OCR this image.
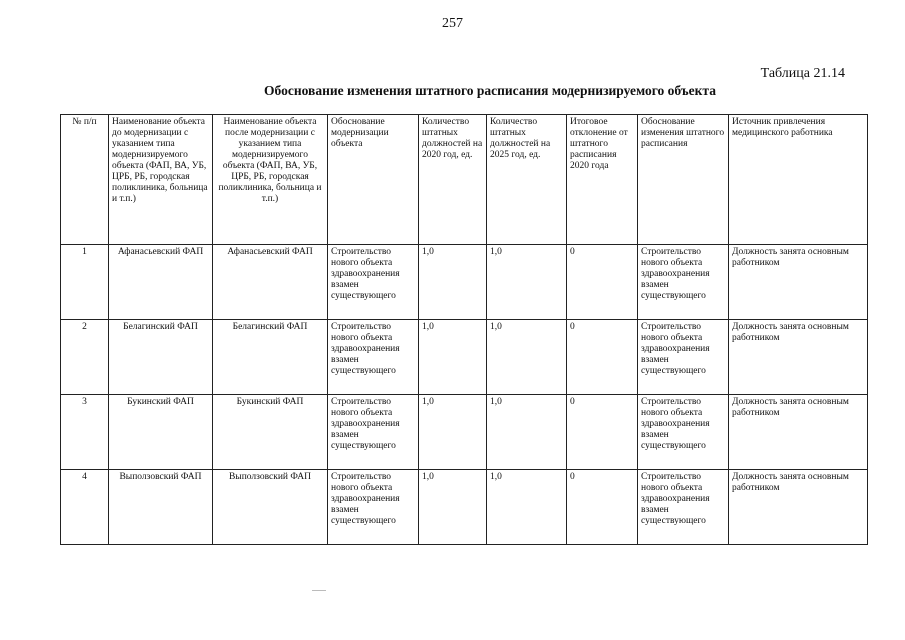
257
Таблица 21.14
Обоснование изменения штатного расписания модернизируемого объекта
№ п/п	Наименование объекта до модернизации с указанием типа модернизируемого объекта (ФАП, ВА, УБ, ЦРБ, РБ, городская поликлиника, больница и т.п.)	Наименование объекта после модернизации с указанием типа модернизируемого объекта (ФАП, ВА, УБ, ЦРБ, РБ, городская поликлиника, больница и т.п.)	Обоснование модернизации объекта	Количество штатных должностей на 2020 год, ед.	Количество штатных должностей на 2025 год, ед.	Итоговое отклонение от штатного расписания 2020 года	Обоснование изменения штатного расписания	Источник привлечения медицинского работника
1	Афанасьевский ФАП	Афанасьевский ФАП	Строительство нового объекта здравоохранения взамен существующего	1,0	1,0	0	Строительство нового объекта здравоохранения взамен существующего	Должность занята основным работником
2	Белагинский ФАП	Белагинский ФАП	Строительство нового объекта здравоохранения взамен существующего	1,0	1,0	0	Строительство нового объекта здравоохранения взамен существующего	Должность занята основным работником
3	Букинский ФАП	Букинский ФАП	Строительство нового объекта здравоохранения взамен существующего	1,0	1,0	0	Строительство нового объекта здравоохранения взамен существующего	Должность занята основным работником
4	Выползовский ФАП	Выползовский ФАП	Строительство нового объекта здравоохранения взамен существующего	1,0	1,0	0	Строительство нового объекта здравоохранения взамен существующего	Должность занята основным работником
